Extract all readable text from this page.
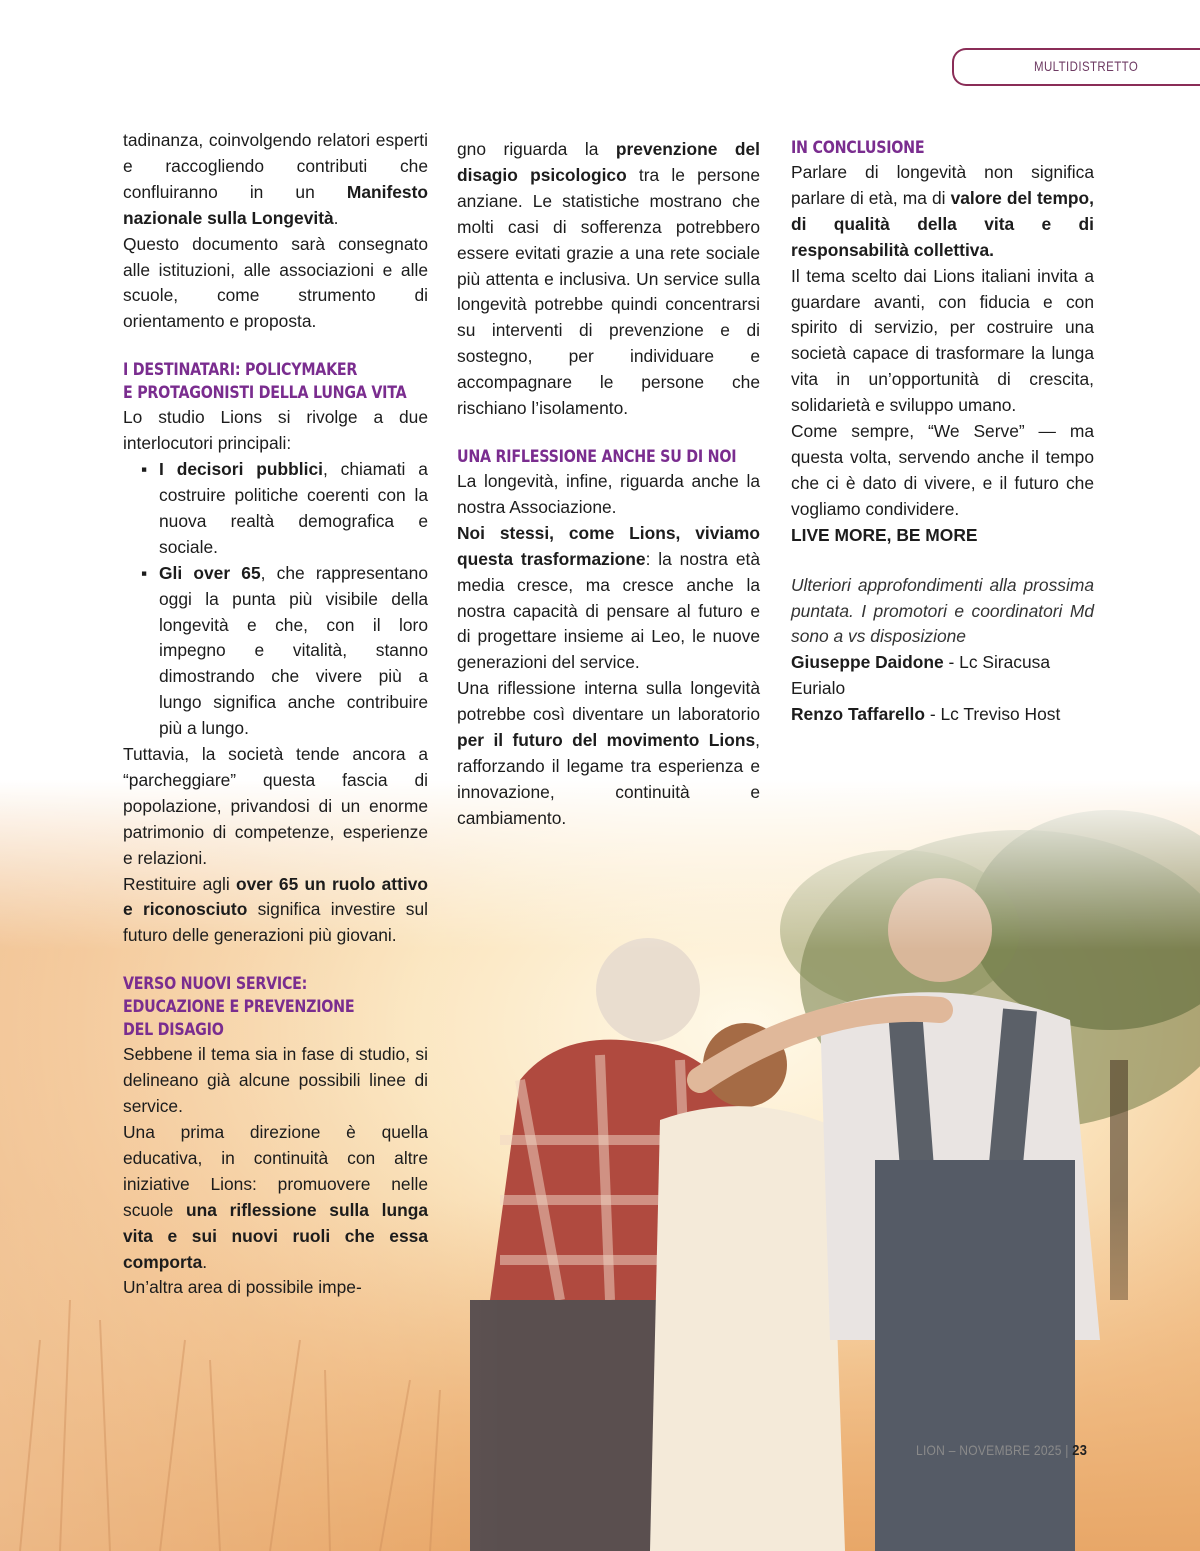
MULTIDISTRETTO

tadinanza, coinvolgendo relatori esperti e raccogliendo contributi che confluiranno in un Manifesto nazionale sulla Longevità.

Questo documento sarà consegnato alle istituzioni, alle associazioni e alle scuole, come strumento di orientamento e proposta.

I DESTINATARI: POLICYMAKER
E PROTAGONISTI DELLA LUNGA VITA

Lo studio Lions si rivolge a due interlocutori principali:

▪ I decisori pubblici, chiamati a costruire politiche coerenti con la nuova realtà demografica e sociale.

▪ Gli over 65, che rappresentano oggi la punta più visibile della longevità e che, con il loro impegno e vitalità, stanno dimostrando che vivere più a lungo significa anche contribuire più a lungo.

Tuttavia, la società tende ancora a “parcheggiare” questa fascia di popolazione, privandosi di un enorme patrimonio di competenze, esperienze e relazioni.

Restituire agli over 65 un ruolo attivo e riconosciuto significa investire sul futuro delle generazioni più giovani.

VERSO NUOVI SERVICE:
EDUCAZIONE E PREVENZIONE
DEL DISAGIO

Sebbene il tema sia in fase di studio, si delineano già alcune possibili linee di service.

Una prima direzione è quella educativa, in continuità con altre iniziative Lions: promuovere nelle scuole una riflessione sulla lunga vita e sui nuovi ruoli che essa comporta.

Un’altra area di possibile impe-

gno riguarda la prevenzione del disagio psicologico tra le persone anziane. Le statistiche mostrano che molti casi di sofferenza potrebbero essere evitati grazie a una rete sociale più attenta e inclusiva. Un service sulla longevità potrebbe quindi concentrarsi su interventi di prevenzione e di sostegno, per individuare e accompagnare le persone che rischiano l’isolamento.

UNA RIFLESSIONE ANCHE SU DI NOI

La longevità, infine, riguarda anche la nostra Associazione.

Noi stessi, come Lions, viviamo questa trasformazione: la nostra età media cresce, ma cresce anche la nostra capacità di pensare al futuro e di progettare insieme ai Leo, le nuove generazioni del service.

Una riflessione interna sulla longevità potrebbe così diventare un laboratorio per il futuro del movimento Lions, rafforzando il legame tra esperienza e innovazione, continuità e cambiamento.

IN CONCLUSIONE

Parlare di longevità non significa parlare di età, ma di valore del tempo, di qualità della vita e di responsabilità collettiva.

Il tema scelto dai Lions italiani invita a guardare avanti, con fiducia e con spirito di servizio, per costruire una società capace di trasformare la lunga vita in un’opportunità di crescita, solidarietà e sviluppo umano.

Come sempre, “We Serve” — ma questa volta, servendo anche il tempo che ci è dato di vivere, e il futuro che vogliamo condividere.

LIVE MORE, BE MORE

Ulteriori approfondimenti alla prossima puntata. I promotori e coordinatori Md sono a vs disposizione

Giuseppe Daidone - Lc Siracusa Eurialo

Renzo Taffarello - Lc Treviso Host

LION – NOVEMBRE 2025 | 23
